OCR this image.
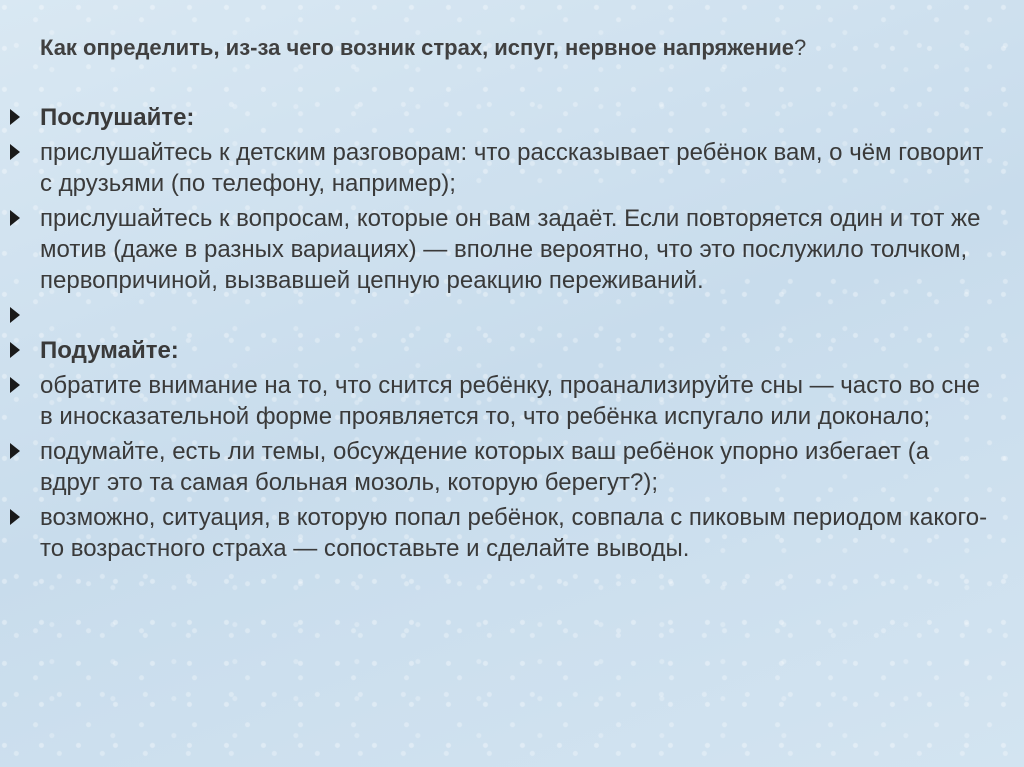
Как определить, из-за чего возник страх, испуг, нервное напряжение?
Послушайте:
прислушайтесь к детским разговорам: что рассказывает ребёнок вам, о чём говорит с друзьями (по телефону, например);
прислушайтесь к вопросам, которые он вам задаёт. Если повторяется один и тот же мотив (даже в разных вариациях) — вполне вероятно, что это послужило толчком, первопричиной, вызвавшей цепную реакцию переживаний.
Подумайте:
обратите внимание на то, что снится ребёнку, проанализируйте сны — часто во сне в иносказательной форме проявляется то, что ребёнка испугало или доконало;
подумайте, есть ли темы, обсуждение которых ваш ребёнок упорно избегает (а вдруг это та самая больная мозоль, которую берегут?);
возможно, ситуация, в которую попал ребёнок, совпала с пиковым периодом какого-то возрастного страха — сопоставьте и сделайте выводы.
